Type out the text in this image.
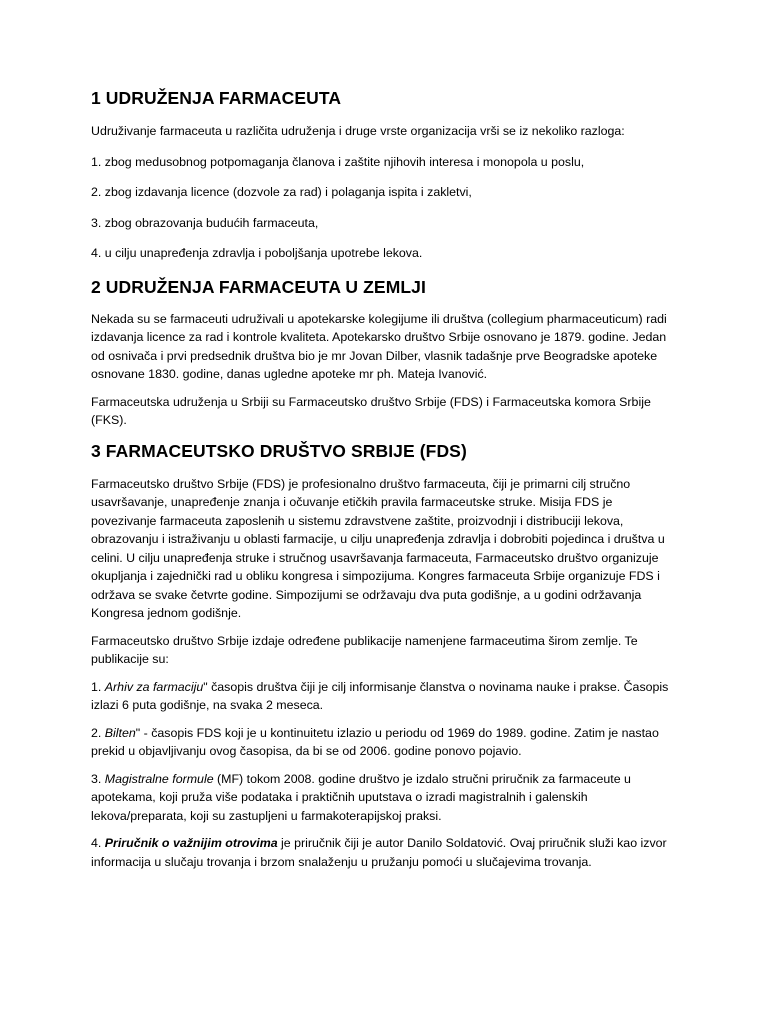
1 UDRUŽENJA FARMACEUTA

Udruživanje farmaceuta u različita udruženja i druge vrste organizacija vrši se iz nekoliko razloga:

1. zbog medusobnog potpomaganja članova i zaštite njihovih interesa i monopola u poslu,

2. zbog izdavanja licence (dozvole za rad) i polaganja ispita i zakletvi,

3. zbog obrazovanja budućih farmaceuta,

4. u cilju unapređenja zdravlja i poboljšanja upotrebe lekova.

2 UDRUŽENJA FARMACEUTA U ZEMLJI

Nekada su se farmaceuti udruživali u apotekarske kolegijume ili društva (collegium pharmaceuticum) radi izdavanja licence za rad i kontrole kvaliteta. Apotekarsko društvo Srbije osnovano je 1879. godine. Jedan od osnivača i prvi predsednik društva bio je mr Jovan Dilber, vlasnik tadašnje prve Beogradske apoteke osnovane 1830. godine, danas ugledne apoteke mr ph. Mateja Ivanović.

Farmaceutska udruženja u Srbiji su Farmaceutsko društvo Srbije (FDS) i Farmaceutska komora Srbije (FKS).

3 FARMACEUTSKO DRUŠTVO SRBIJE (FDS)

Farmaceutsko društvo Srbije (FDS) je profesionalno društvo farmaceuta, čiji je primarni cilj stručno usavršavanje, unapređenje znanja i očuvanje etičkih pravila farmaceutske struke. Misija FDS je povezivanje farmaceuta zaposlenih u sistemu zdravstvene zaštite, proizvodnji i distribuciji lekova, obrazovanju i istraživanju u oblasti farmacije, u cilju unapređenja zdravlja i dobrobiti pojedinca i društva u celini. U cilju unapređenja struke i stručnog usavršavanja farmaceuta, Farmaceutsko društvo organizuje okupljanja i zajednički rad u obliku kongresa i simpozijuma. Kongres farmaceuta Srbije organizuje FDS i održava se svake četvrte godine. Simpozijumi se održavaju dva puta godišnje, a u godini održavanja Kongresa jednom godišnje.

Farmaceutsko društvo Srbije izdaje određene publikacije namenjene farmaceutima širom zemlje. Te publikacije su:

1. Arhiv za farmaciju" časopis društva čiji je cilj informisanje članstva o novinama nauke i prakse. Časopis izlazi 6 puta godišnje, na svaka 2 meseca.

2. Bilten" - časopis FDS koji je u kontinuitetu izlazio u periodu od 1969 do 1989. godine. Zatim je nastao prekid u objavljivanju ovog časopisa, da bi se od 2006. godine ponovo pojavio.

3. Magistralne formule (MF) tokom 2008. godine društvo je izdalo stručni priručnik za farmaceute u apotekama, koji pruža više podataka i praktičnih uputstava o izradi magistralnih i galenskih lekova/preparata, koji su zastupljeni u farmakoterapijskoj praksi.

4. Priručnik o važnijim otrovima je priručnik čiji je autor Danilo Soldatović. Ovaj priručnik služi kao izvor informacija u slučaju trovanja i brzom snalaženju u pružanju pomoći u slučajevima trovanja.
